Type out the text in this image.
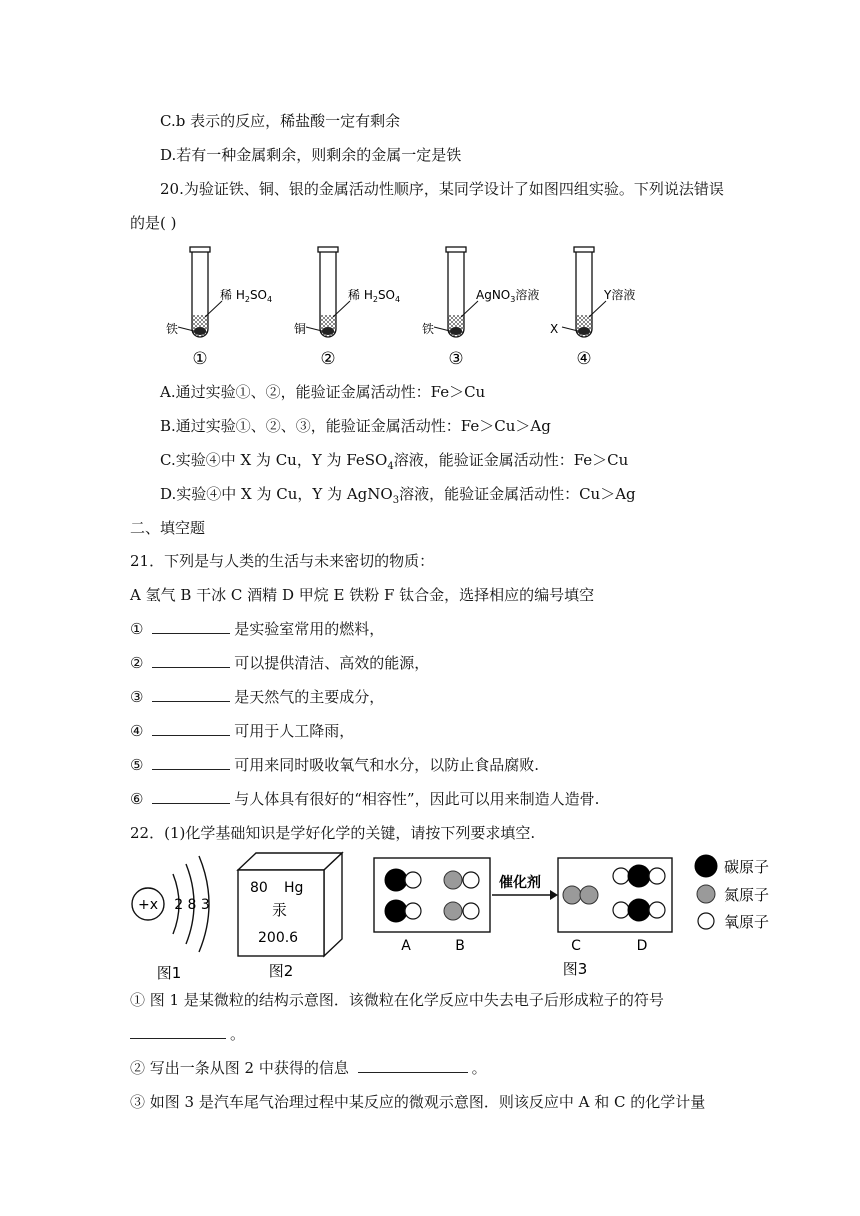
C.b 表示的反应，稀盐酸一定有剩余
D.若有一种金属剩余，则剩余的金属一定是铁
20.为验证铁、铜、银的金属活动性顺序，某同学设计了如图四组实验。下列说法错误
的是( )
铁
稀 $H_2SO_4$
①
铜
稀 $H_2SO_4$
②
铁
AgNO$_3$溶液
③
X
Y溶液
④
A.通过实验①、②，能验证金属活动性：Fe＞Cu
B.通过实验①、②、③，能验证金属活动性：Fe＞Cu＞Ag
C.实验④中 X 为 Cu，Y 为 FeSO$_4$溶液，能验证金属活动性：Fe＞Cu
D.实验④中 X 为 Cu，Y 为 AgNO$_3$溶液，能验证金属活动性：Cu＞Ag
二、填空题
21．下列是与人类的生活与未来密切的物质：
A 氢气 B 干冰 C 酒精 D 甲烷 E 铁粉 F 钛合金，选择相应的编号填空
①	是实验室常用的燃料，
②	可以提供清洁、高效的能源，
③	是天然气的主要成分，
④	可用于人工降雨，
⑤	可用来同时吸收氧气和水分，以防止食品腐败.
⑥	与人体具有很好的“相容性”，因此可以用来制造人造骨.
22．(1)化学基础知识是学好化学的关键，请按下列要求填空.
+x 2 8 3
图1
80 Hg
汞
200.6
图2
A	B
催化剂
C	D
图3
碳原子
氮原子
氧原子
① 图 1 是某微粒的结构示意图．该微粒在化学反应中失去电子后形成粒子的符号
。
② 写出一条从图 2 中获得的信息	。
③ 如图 3 是汽车尾气治理过程中某反应的微观示意图．则该反应中 A 和 C 的化学计量
